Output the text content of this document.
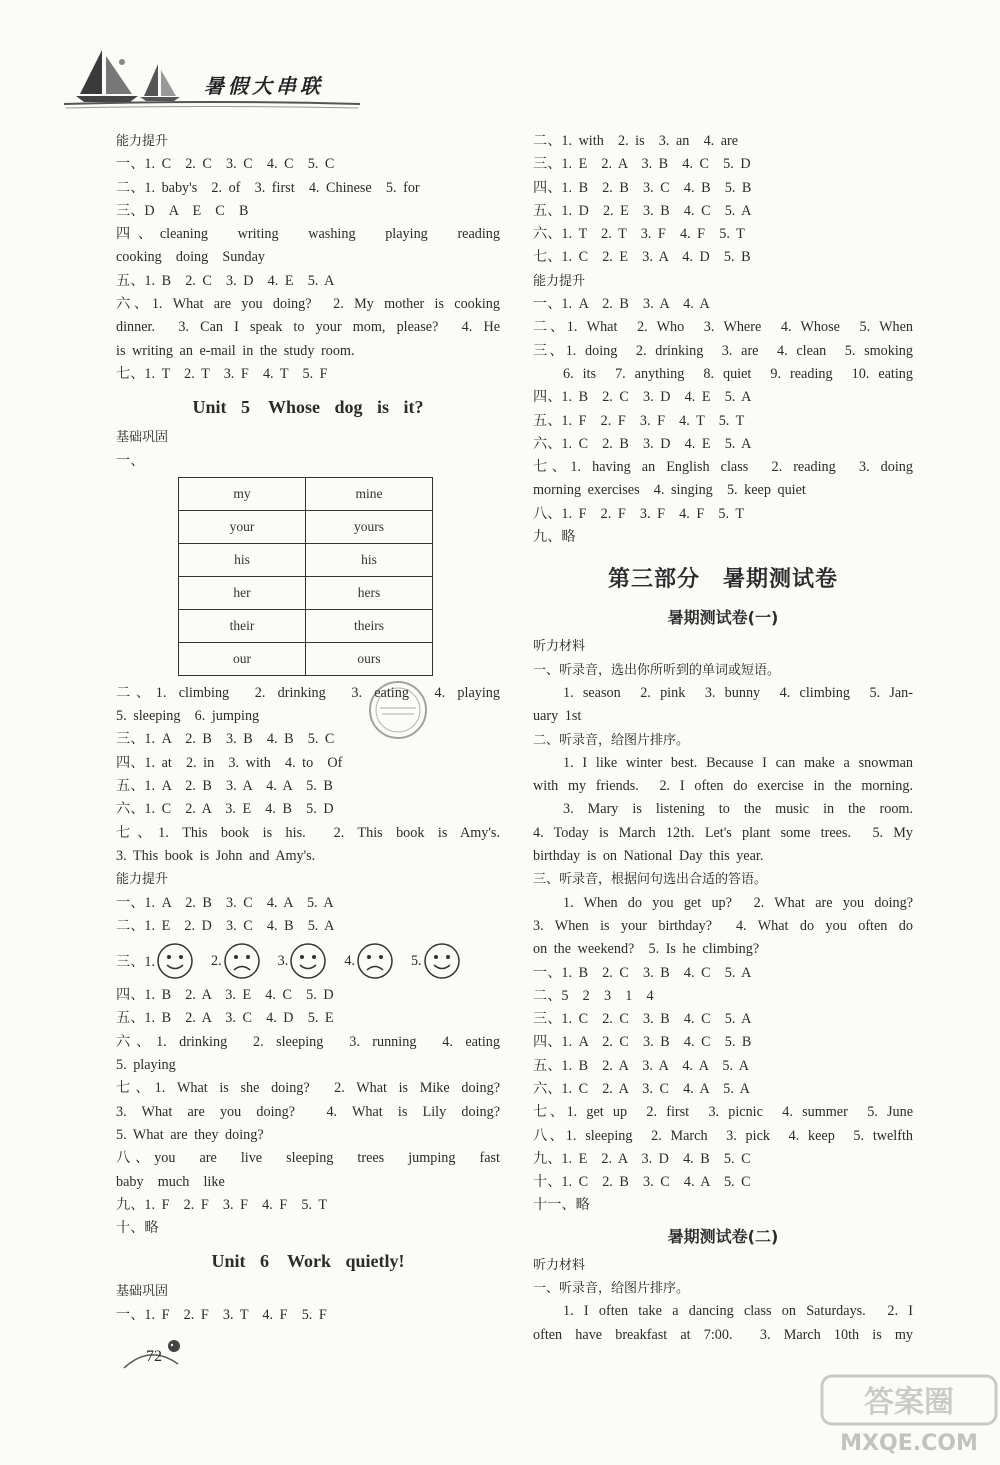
暑假大串联
能力提升
一、1. C　2. C　3. C　4. C　5. C
二、1. baby's　2. of　3. first　4. Chinese　5. for
三、D　A　E　C　B
四、cleaning　writing　washing　playing　reading
cooking　doing　Sunday
五、1. B　2. C　3. D　4. E　5. A
六、1. What are you doing?　2. My mother is cooking
dinner.　3. Can I speak to your mom, please?　4. He
is writing an e-mail in the study room.
七、1. T　2. T　3. F　4. T　5. F
Unit 5　Whose dog is it?
基础巩固
一、
my	mine
your	yours
his	his
her	hers
their	theirs
our	ours
二、1. climbing　2. drinking　3. eating　4. playing
5. sleeping　6. jumping
三、1. A　2. B　3. B　4. B　5. C
四、1. at　2. in　3. with　4. to　Of
五、1. A　2. B　3. A　4. A　5. B
六、1. C　2. A　3. E　4. B　5. D
七、1. This book is his.　2. This book is Amy's.
3. This book is John and Amy's.
能力提升
一、1. A　2. B　3. C　4. A　5. A
二、1. E　2. D　3. C　4. B　5. A
三、1.	2.	3.	4.	5.
四、1. B　2. A　3. E　4. C　5. D
五、1. B　2. A　3. C　4. D　5. E
六、1. drinking　2. sleeping　3. running　4. eating
5. playing
七、1. What is she doing?　2. What is Mike doing?
3. What are you doing?　4. What is Lily doing?
5. What are they doing?
八、you　are　live　sleeping　trees　jumping　fast
baby　much　like
九、1. F　2. F　3. F　4. F　5. T
十、略
Unit 6　Work quietly!
基础巩固
一、1. F　2. F　3. T　4. F　5. F
二、1. with　2. is　3. an　4. are
三、1. E　2. A　3. B　4. C　5. D
四、1. B　2. B　3. C　4. B　5. B
五、1. D　2. E　3. B　4. C　5. A
六、1. T　2. T　3. F　4. F　5. T
七、1. C　2. E　3. A　4. D　5. B
能力提升
一、1. A　2. B　3. A　4. A
二、1. What　2. Who　3. Where　4. Whose　5. When
三、1. doing　2. drinking　3. are　4. clean　5. smoking
6. its　7. anything　8. quiet　9. reading　10. eating
四、1. B　2. C　3. D　4. E　5. A
五、1. F　2. F　3. F　4. T　5. T
六、1. C　2. B　3. D　4. E　5. A
七、1. having an English class　2. reading　3. doing
morning exercises　4. singing　5. keep quiet
八、1. F　2. F　3. F　4. F　5. T
九、略
第三部分　暑期测试卷
暑期测试卷(一)
听力材料
一、听录音，选出你所听到的单词或短语。
1. season　2. pink　3. bunny　4. climbing　5. Jan-
uary 1st
二、听录音，给图片排序。
1. I like winter best. Because I can make a snowman
with my friends.　2. I often do exercise in the morning.
3. Mary is listening to the music in the room.
4. Today is March 12th. Let's plant some trees.　5. My
birthday is on National Day this year.
三、听录音，根据问句选出合适的答语。
1. When do you get up?　2. What are you doing?
3. When is your birthday?　4. What do you often do
on the weekend?　5. Is he climbing?
一、1. B　2. C　3. B　4. C　5. A
二、5　2　3　1　4
三、1. C　2. C　3. B　4. C　5. A
四、1. A　2. C　3. B　4. C　5. B
五、1. B　2. A　3. A　4. A　5. A
六、1. C　2. A　3. C　4. A　5. A
七、1. get up　2. first　3. picnic　4. summer　5. June
八、1. sleeping　2. March　3. pick　4. keep　5. twelfth
九、1. E　2. A　3. D　4. B　5. C
十、1. C　2. B　3. C　4. A　5. C
十一、略
暑期测试卷(二)
听力材料
一、听录音，给图片排序。
1. I often take a dancing class on Saturdays.　2. I
often have breakfast at 7:00.　3. March 10th is my
72
答案圈
MXQE.COM
